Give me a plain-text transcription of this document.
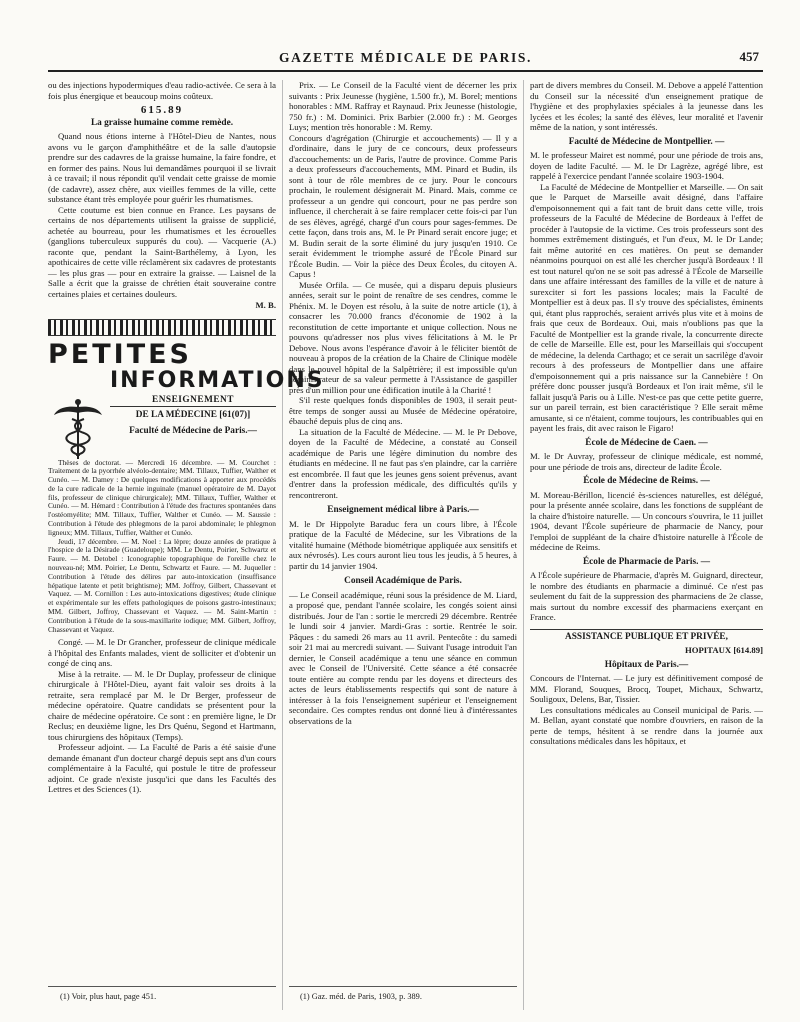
GAZETTE MÉDICALE DE PARIS.	457

ou des injections hypodermiques d'eau radio-activée. Ce sera à la fois plus énergique et beaucoup moins coûteux.

615.89
La graisse humaine comme remède.

Quand nous étions interne à l'Hôtel-Dieu de Nantes, nous avons vu le garçon d'amphithéâtre et de la salle d'autopsie prendre sur des cadavres de la graisse humaine, la faire fondre, et en former des pains. Nous lui demandâmes pourquoi il se livrait à ce travail; il nous répondit qu'il vendait cette graisse de momie (de cadavre), assez chère, aux vieilles femmes de la ville, cette substance étant très employée pour guérir les rhumatismes.

Cette coutume est bien connue en France. Les paysans de certains de nos départements utilisent la graisse de supplicié, achetée au bourreau, pour les rhumatismes et les écrouelles (ganglions tuberculeux suppurés du cou). — Vacquerie (A.) raconte que, pendant la Saint-Barthélemy, à Lyon, les apothicaires de cette ville réclamèrent six cadavres de protestants — les plus gras — pour en extraire la graisse. — Laisnel de la Salle a écrit que la graisse de chrétien était souveraine contre certaines plaies et certaines douleurs.

M. B.
PETITES
INFORMATIONS
ENSEIGNEMENT
DE LA MÉDECINE [61(07)]
Faculté de Médecine de Paris.—

Thèses de doctorat. — Mercredi 16 décembre. — M. Courchet : Traitement de la pyorrhée alvéolo-dentaire; MM. Tillaux, Tuffier, Walther et Cunéo. — M. Damey : De quelques modifications à apporter aux procédés de la cure radicale de la hernie inguinale (manuel opératoire de M. Dayot fils, professeur de clinique chirurgicale); MM. Tillaux, Tuffier, Walther et Cunéo. — M. Hémard : Contribution à l'étude des fractures spontanées dans l'ostéomyélite; MM. Tillaux, Tuffier, Walther et Cunéo. — M. Saussie : Contribution à l'étude des phlegmons de la paroi abdominale; le phlegmon ligneux; MM. Tillaux, Tuffier, Walther et Cunéo.

Jeudi, 17 décembre. — M. Noel : La lèpre; douze années de pratique à l'hospice de la Désirade (Guadeloupe); MM. Le Dentu, Poirier, Schwartz et Faure. — M. Detobel : Iconographie topographique de l'oreille chez le nouveau-né; MM. Poirier, Le Dentu, Schwartz et Faure. — M. Juqueller : Contribution à l'étude des délires par auto-intoxication (insuffisance hépatique latente et petit brightisme); MM. Joffroy, Gilbert, Chassevant et Vaquez. — M. Cornillon : Les auto-intoxications digestives; étude clinique et expérimentale sur les effets pathologiques de poisons gastro-intestinaux; MM. Gilbert, Joffroy, Chassevant et Vaquez. — M. Saint-Martin : Contribution à l'étude de la sous-maxillarite iodique; MM. Gilbert, Joffroy, Chassevant et Vaquez.

Congé. — M. le Dr Grancher, professeur de clinique médicale à l'hôpital des Enfants malades, vient de solliciter et d'obtenir un congé de cinq ans.

Mise à la retraite. — M. le Dr Duplay, professeur de clinique chirurgicale à l'Hôtel-Dieu, ayant fait valoir ses droits à la retraite, sera remplacé par M. le Dr Berger, professeur de médecine opératoire. Quatre candidats se présentent pour la chaire de médecine opératoire. Ce sont : en première ligne, le Dr Reclus; en deuxième ligne, les Drs Quénu, Segond et Hartmann, tous chirurgiens des hôpitaux (Temps).

Professeur adjoint. — La Faculté de Paris a été saisie d'une demande émanant d'un docteur chargé depuis sept ans d'un cours complémentaire à la Faculté, qui postule le titre de professeur adjoint. Ce grade n'existe jusqu'ici que dans les Facultés des Lettres et des Sciences (1).

(1) Voir, plus haut, page 451.

Prix. — Le Conseil de la Faculté vient de décerner les prix suivants : Prix Jeunesse (hygiène, 1.500 fr.), M. Borel; mentions honorables : MM. Raffray et Raynaud. Prix Jeunesse (histologie, 750 fr.) : M. Dominici. Prix Barbier (2.000 fr.) : M. Georges Luys; mention très honorable : M. Remy.

Concours d'agrégation (Chirurgie et accouchements) — Il y a d'ordinaire, dans le jury de ce concours, deux professeurs d'accouchements: un de Paris, l'autre de province. Comme Paris a deux professeurs d'accouchements, MM. Pinard et Budin, ils sont à tour de rôle membres de ce jury. Pour le concours prochain, le roulement désignerait M. Pinard. Mais, comme ce professeur a un gendre qui concourt, pour ne pas perdre son influence, il chercherait à se faire remplacer cette fois-ci par l'un de ses élèves, agrégé, chargé d'un cours pour sages-femmes. De cette façon, dans trois ans, M. le Pr Pinard serait encore juge; et M. Budin serait de la sorte éliminé du jury jusqu'en 1910. Ce serait évidemment le triomphe assuré de l'École Pinard sur l'École Budin. — Voir la pièce des Deux Écoles, du citoyen A. Capus !

Musée Orfila. — Ce musée, qui a disparu depuis plusieurs années, serait sur le point de renaître de ses cendres, comme le Phénix. M. le Doyen est résolu, à la suite de notre article (1), à consacrer les 70.000 francs d'économie de 1902 à la reconstitution de cette importante et unique collection. Nous ne pouvons qu'adresser nos plus vives félicitations à M. le Pr Debove. Nous avons l'espérance d'avoir à le féliciter bientôt de nouveau à propos de la création de la Chaire de Clinique modèle dans le nouvel hôpital de la Salpêtrière; il est impossible qu'un administrateur de sa valeur permette à l'Assistance de gaspiller près d'un million pour une édification inutile à la Charité !

S'il reste quelques fonds disponibles de 1903, il serait peut-être temps de songer aussi au Musée de Médecine opératoire, ébauché depuis plus de cinq ans.

La situation de la Faculté de Médecine. — M. le Pr Debove, doyen de la Faculté de Médecine, a constaté au Conseil académique de Paris une légère diminution du nombre des étudiants en médecine. Il ne faut pas s'en plaindre, car la carrière est encombrée. Il faut que les jeunes gens soient prévenus, avant d'entrer dans la profession médicale, des difficultés qu'ils y rencontreront.

Enseignement médical libre à Paris.—

M. le Dr Hippolyte Baraduc fera un cours libre, à l'École pratique de la Faculté de Médecine, sur les Vibrations de la vitalité humaine (Méthode biométrique appliquée aux sensitifs et aux névrosés). Les cours auront lieu tous les jeudis, à 5 heures, à partir du 14 janvier 1904.

Conseil Académique de Paris.

— Le Conseil académique, réuni sous la présidence de M. Liard, a proposé que, pendant l'année scolaire, les congés soient ainsi distribués. Jour de l'an : sortie le mercredi 29 décembre. Rentrée le lundi soir 4 janvier. Mardi-Gras : sortie. Rentrée le soir. Pâques : du samedi 26 mars au 11 avril. Pentecôte : du samedi soir 21 mai au mercredi suivant. — Suivant l'usage introduit l'an dernier, le Conseil académique a tenu une séance en commun avec le Conseil de l'Université. Cette séance a été consacrée toute entière au compte rendu par les doyens et directeurs des actes de leurs établissements respectifs qui sont de nature à intéresser à la fois l'enseignement supérieur et l'enseignement secondaire. Ces comptes rendus ont donné lieu à d'intéressantes observations de la

(1) Gaz. méd. de Paris, 1903, p. 389.

part de divers membres du Conseil. M. Debove a appelé l'attention du Conseil sur la nécessité d'un enseignement pratique de l'hygiène et des prophylaxies spéciales à la jeunesse dans les lycées et les écoles; la santé des élèves, leur moralité et l'avenir même de la nation, y sont intéressés.

Faculté de Médecine de Montpellier. —

M. le professeur Mairet est nommé, pour une période de trois ans, doyen de ladite Faculté. — M. le Dr Lagrèze, agrégé libre, est rappelé à l'exercice pendant l'année scolaire 1903-1904.

La Faculté de Médecine de Montpellier et Marseille. — On sait que le Parquet de Marseille avait désigné, dans l'affaire d'empoisonnement qui a fait tant de bruit dans cette ville, trois professeurs de la Faculté de Médecine de Bordeaux à l'effet de procéder à l'autopsie de la victime. Ces trois professeurs sont des hommes extrêmement distingués, et l'un d'eux, M. le Dr Lande; fait même autorité en ces matières. On peut se demander néanmoins pourquoi on est allé les chercher jusqu'à Bordeaux ! Il est tout naturel qu'on ne se soit pas adressé à l'École de Marseille dans une affaire intéressant des familles de la ville et de nature à surexciter si fort les passions locales; mais la Faculté de Montpellier est à deux pas. Il s'y trouve des spécialistes, éminents qui, étant plus rapprochés, seraient arrivés plus vite et à moins de frais que ceux de Bordeaux. Oui, mais n'oublions pas que la Faculté de Montpellier est la grande rivale, la concurrente directe de celle de Marseille. Elle est, pour les Marseillais qui s'occupent de médecine, la delenda Carthago; et ce serait un sacrilège d'avoir recours à des professeurs de Montpellier dans une affaire d'empoisonnement qui a pris naissance sur la Cannebière ! On préfère donc pousser jusqu'à Bordeaux et l'on irait même, s'il le fallait jusqu'à Paris ou à Lille. N'est-ce pas que cette petite guerre, sur un pareil terrain, est bien caractéristique ? Elle serait même amusante, si ce n'étaient, comme toujours, les contribuables qui en payent les frais, dit avec raison le Figaro!

École de Médecine de Caen. —

M. le Dr Auvray, professeur de clinique médicale, est nommé, pour une période de trois ans, directeur de ladite École.

École de Médecine de Reims. —

M. Moreau-Bérillon, licencié ès-sciences naturelles, est délégué, pour la présente année scolaire, dans les fonctions de suppléant de la chaire d'histoire naturelle. — Un concours s'ouvrira, le 11 juillet 1904, devant l'École supérieure de pharmacie de Nancy, pour l'emploi de suppléant de la chaire d'histoire naturelle à l'École de médecine de Reims.

École de Pharmacie de Paris. —

A l'École supérieure de Pharmacie, d'après M. Guignard, directeur, le nombre des étudiants en pharmacie a diminué. Ce n'est pas seulement du fait de la suppression des pharmaciens de 2e classe, mais surtout du nombre excessif des pharmaciens exerçant en France.

ASSISTANCE PUBLIQUE ET PRIVÉE,
HOPITAUX [614.89]
Hôpitaux de Paris.—

Concours de l'Internat. — Le jury est définitivement composé de MM. Florand, Souques, Brocq, Toupet, Michaux, Schwartz, Souligoux, Delens, Bar, Tissier.

Les consultations médicales au Conseil municipal de Paris. — M. Bellan, ayant constaté que nombre d'ouvriers, en raison de la perte de temps, hésitent à se rendre dans la journée aux consultations médicales dans les hôpitaux, et
